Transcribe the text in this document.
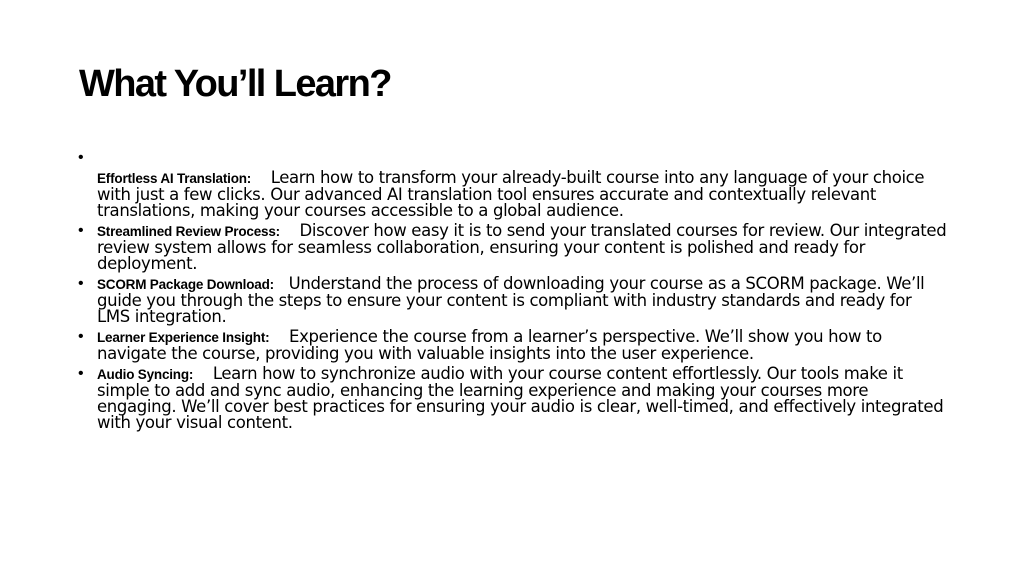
What You’ll Learn?
•
Effortless AI Translation: Learn how to transform your already-built course into any language of your choice with just a few clicks. Our advanced AI translation tool ensures accurate and contextually relevant translations, making your courses accessible to a global audience.
• Streamlined Review Process: Discover how easy it is to send your translated courses for review. Our integrated review system allows for seamless collaboration, ensuring your content is polished and ready for deployment.
• SCORM Package Download: Understand the process of downloading your course as a SCORM package. We’ll guide you through the steps to ensure your content is compliant with industry standards and ready for LMS integration.
• Learner Experience Insight: Experience the course from a learner’s perspective. We’ll show you how to navigate the course, providing you with valuable insights into the user experience.
• Audio Syncing: Learn how to synchronize audio with your course content effortlessly. Our tools make it simple to add and sync audio, enhancing the learning experience and making your courses more engaging. We’ll cover best practices for ensuring your audio is clear, well-timed, and effectively integrated with your visual content.
